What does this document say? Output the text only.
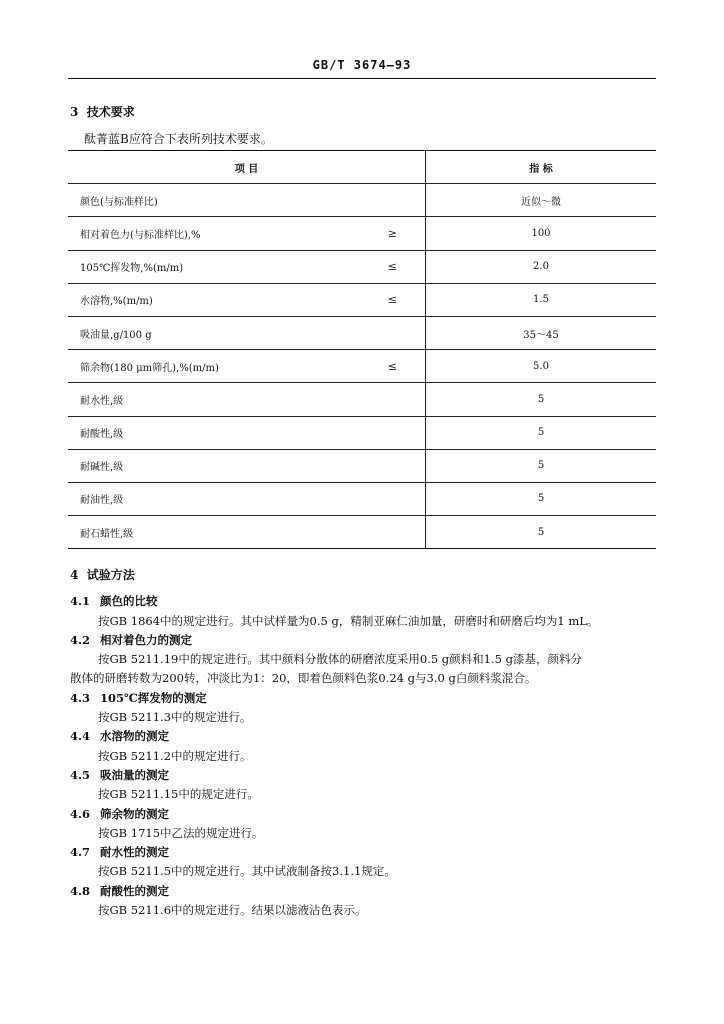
GB/T 3674—93
3 技术要求
酞菁蓝B应符合下表所列技术要求。
项 目	指 标

颜色(与标准样比)	近似～微

相对着色力(与标准样比),% ≥	100

105℃挥发物,%(m/m) ≤	2.0

水溶物,%(m/m) ≤	1.5

吸油量,g/100 g	35～45

筛余物(180 μm筛孔),%(m/m) ≤	5.0

耐水性,级	5

耐酸性,级	5

耐碱性,级	5

耐油性,级	5

耐石蜡性,级	5
4 试验方法
4.1 颜色的比较
按GB 1864中的规定进行。其中试样量为0.5 g，精制亚麻仁油加量，研磨时和研磨后均为1 mL。
4.2 相对着色力的测定
按GB 5211.19中的规定进行。其中颜料分散体的研磨浓度采用0.5 g颜料和1.5 g漆基，颜料分
散体的研磨转数为200转，冲淡比为1：20，即着色颜料色浆0.24 g与3.0 g白颜料浆混合。
4.3 105℃挥发物的测定
按GB 5211.3中的规定进行。
4.4 水溶物的测定
按GB 5211.2中的规定进行。
4.5 吸油量的测定
按GB 5211.15中的规定进行。
4.6 筛余物的测定
按GB 1715中乙法的规定进行。
4.7 耐水性的测定
按GB 5211.5中的规定进行。其中试液制备按3.1.1规定。
4.8 耐酸性的测定
按GB 5211.6中的规定进行。结果以滤液沾色表示。
